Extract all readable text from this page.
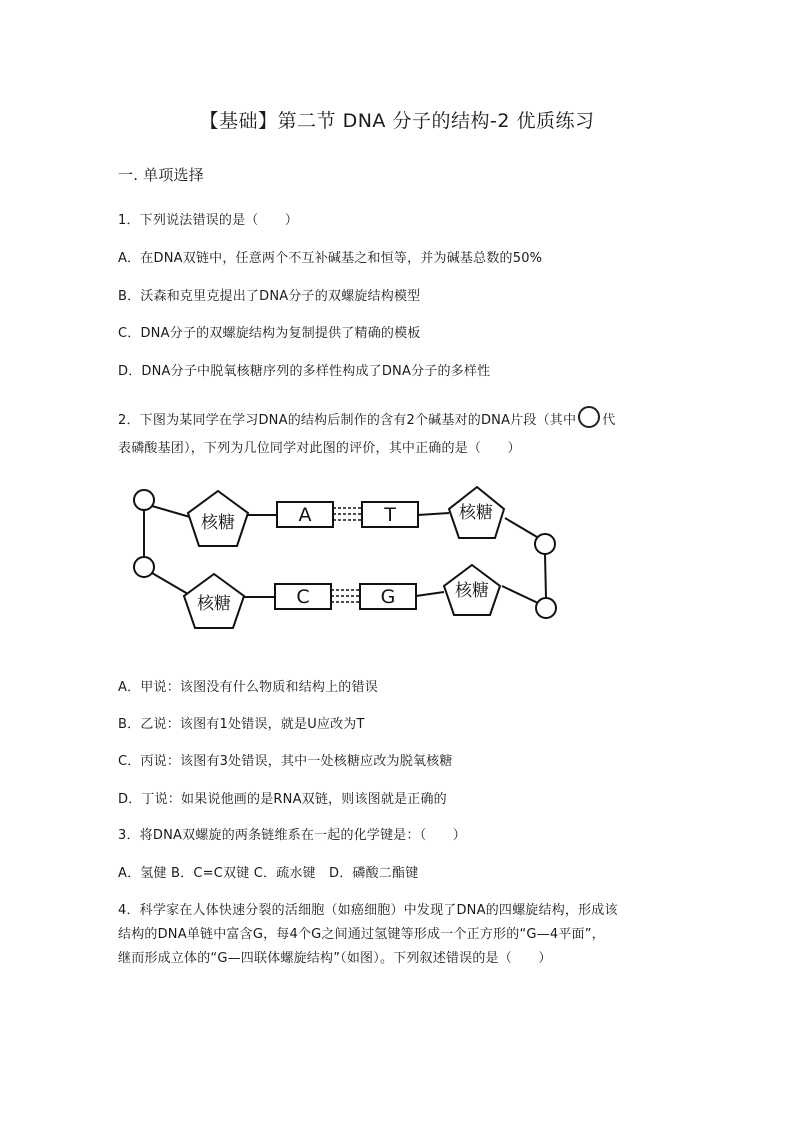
【基础】第二节 DNA 分子的结构-2 优质练习
一. 单项选择
1．下列说法错误的是（　　）
A．在DNA双链中，任意两个不互补碱基之和恒等，并为碱基总数的50%
B．沃森和克里克提出了DNA分子的双螺旋结构模型
C．DNA分子的双螺旋结构为复制提供了精确的模板
D．DNA分子中脱氧核糖序列的多样性构成了DNA分子的多样性
2．下图为某同学在学习DNA的结构后制作的含有2个碱基对的DNA片段（其中 代
表磷酸基团），下列为几位同学对此图的评价，其中正确的是（　　）
核糖
核糖
核糖
核糖
A	T
C	G
A．甲说：该图没有什么物质和结构上的错误
B．乙说：该图有1处错误，就是U应改为T
C．丙说：该图有3处错误，其中一处核糖应改为脱氧核糖
D．丁说：如果说他画的是RNA双链，则该图就是正确的
3．将DNA双螺旋的两条链维系在一起的化学键是：（　　）
A．氢健 B．C=C双键 C．疏水键　D．磷酸二酯键
4．科学家在人体快速分裂的活细胞（如癌细胞）中发现了DNA的四螺旋结构，形成该
结构的DNA单链中富含G，每4个G之间通过氢键等形成一个正方形的“G—4平面”，
继而形成立体的“G—四联体螺旋结构”（如图）。下列叙述错误的是（　　）
